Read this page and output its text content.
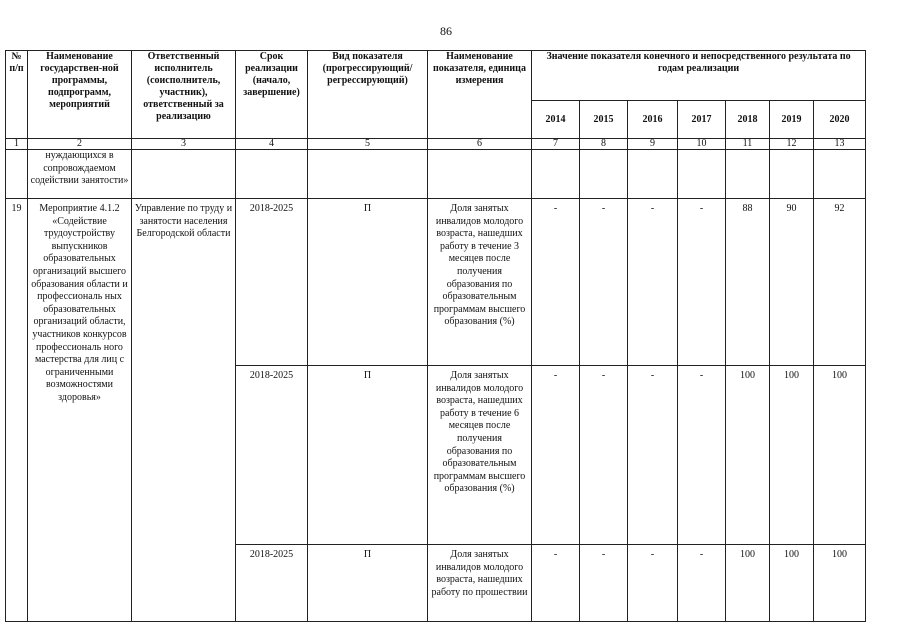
86
№ п/п	Наименование государствен-ной программы, подпрограмм, мероприятий	Ответственный исполнитель (соисполнитель, участник), ответственный за реализацию	Срок реализации (начало, завершение)	Вид показателя (прогрессирующий/ регрессирующий)	Наименование показателя, единица измерения	Значение показателя конечного и непосредственного результата по годам реализации						
						2014	2015	2016	2017	2018	2019	2020
1	2	3	4	5	6	7	8	9	10	11	12	13
	нуждающихся в сопровождаемом содействии занятости»											
19	Мероприятие 4.1.2 «Содействие трудоустройству выпускников образовательных организаций высшего образования области и профессиональ ных образовательных организаций области, участников конкурсов профессиональ ного мастерства для лиц с ограниченными возможностями здоровья»	Управление по труду и занятости населения Белгородской области	2018-2025	П	Доля занятых инвалидов молодого возраста, нашедших работу в течение 3 месяцев после получения образования по образовательным программам высшего образования (%)	-	-	-	-	88	90	92
			2018-2025	П	Доля занятых инвалидов молодого возраста, нашедших работу в течение 6 месяцев после получения образования по образовательным программам высшего образования (%)	-	-	-	-	100	100	100
			2018-2025	П	Доля занятых инвалидов молодого возраста, нашедших работу по прошествии	-	-	-	-	100	100	100
